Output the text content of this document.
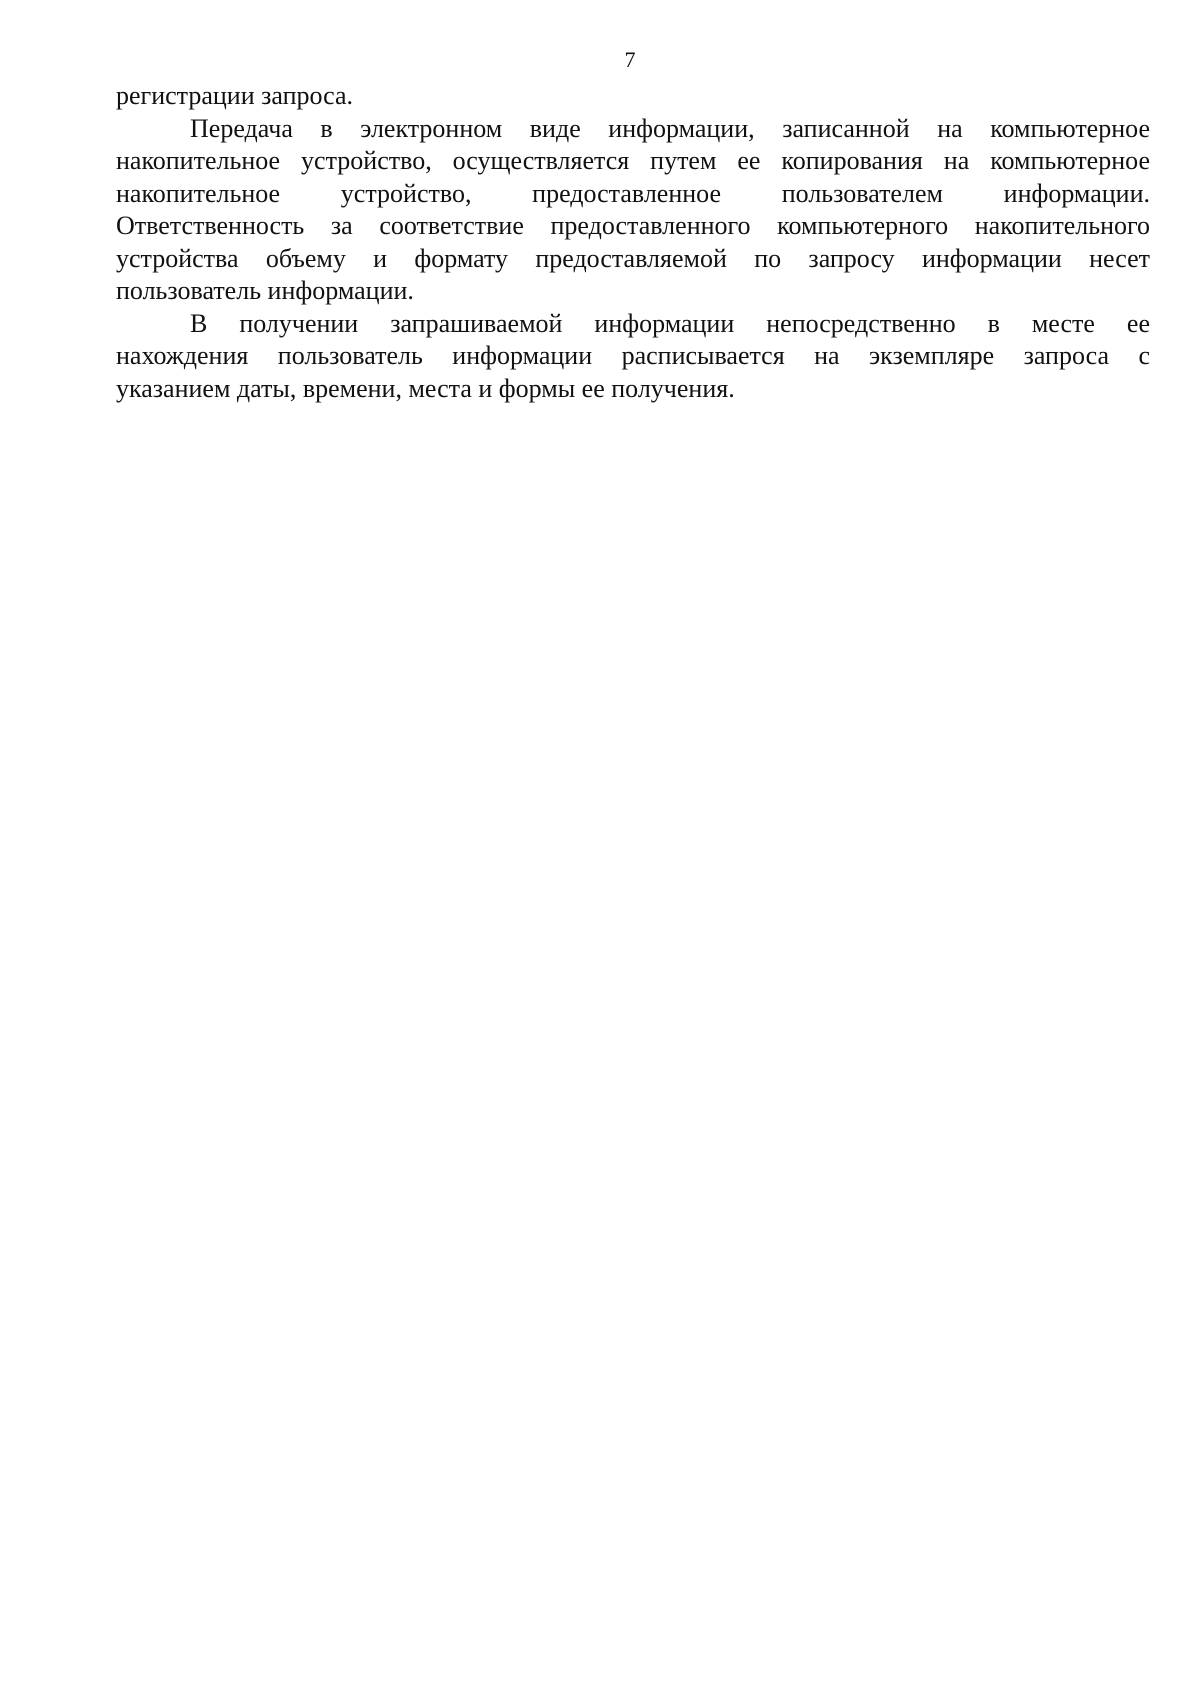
7
регистрации запроса.
Передача в электронном виде информации, записанной на компьютерное
накопительное устройство, осуществляется путем ее копирования на компьютерное
накопительное устройство, предоставленное пользователем информации.
Ответственность за соответствие предоставленного компьютерного накопительного
устройства объему и формату предоставляемой по запросу информации несет
пользователь информации.
В получении запрашиваемой информации непосредственно в месте ее
нахождения пользователь информации расписывается на экземпляре запроса с
указанием даты, времени, места и формы ее получения.
